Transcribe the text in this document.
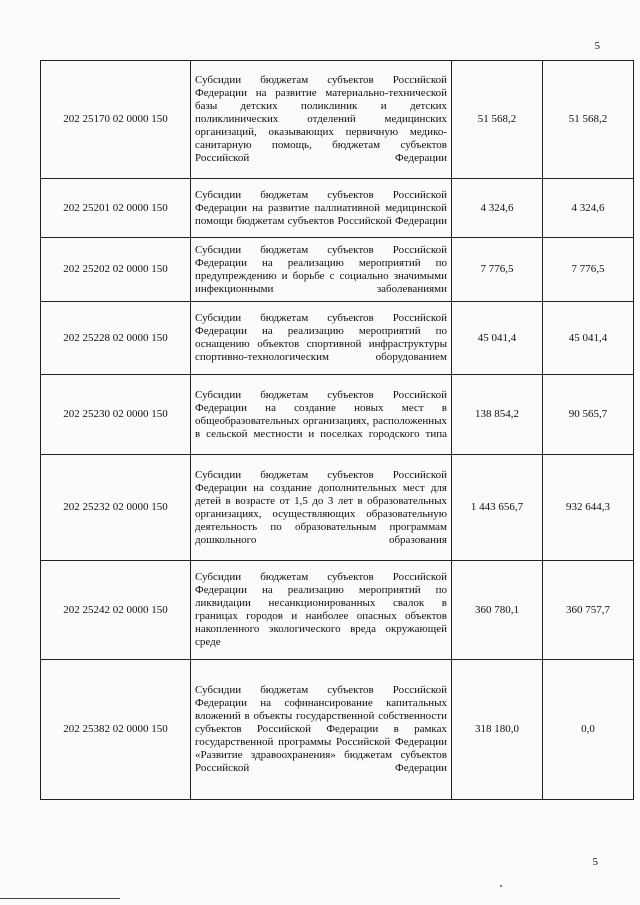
5
202 25170 02 0000 150	Субсидии бюджетам субъектов Российской Федерации на развитие материально-технической базы детских поликлиник и детских поликлинических отделений медицинских организаций, оказывающих первичную медико-санитарную помощь, бюджетам субъектов Российской Федерации	51 568,2	51 568,2
202 25201 02 0000 150	Субсидии бюджетам субъектов Российской Федерации на развитие паллиативной медицинской помощи бюджетам субъектов Российской Федерации	4 324,6	4 324,6
202 25202 02 0000 150	Субсидии бюджетам субъектов Российской Федерации на реализацию мероприятий по предупреждению и борьбе с социально значимыми инфекционными заболеваниями	7 776,5	7 776,5
202 25228 02 0000 150	Субсидии бюджетам субъектов Российской Федерации на реализацию мероприятий по оснащению объектов спортивной инфраструктуры спортивно-технологическим оборудованием	45 041,4	45 041,4
202 25230 02 0000 150	Субсидии бюджетам субъектов Российской Федерации на создание новых мест в общеобразовательных организациях, расположенных в сельской местности и поселках городского типа	138 854,2	90 565,7
202 25232 02 0000 150	Субсидии бюджетам субъектов Российской Федерации на создание дополнительных мест для детей в возрасте от 1,5 до 3 лет в образовательных организациях, осуществляющих образовательную деятельность по образовательным программам дошкольного образования	1 443 656,7	932 644,3
202 25242 02 0000 150	Субсидии бюджетам субъектов Российской Федерации на реализацию мероприятий по ликвидации несанкционированных свалок в границах городов и наиболее опасных объектов накопленного экологического вреда окружающей среде	360 780,1	360 757,7
202 25382 02 0000 150	Субсидии бюджетам субъектов Российской Федерации на софинансирование капитальных вложений в объекты государственной собственности субъектов Российской Федерации в рамках государственной программы Российской Федерации «Развитие здравоохранения» бюджетам субъектов Российской Федерации	318 180,0	0,0
5
